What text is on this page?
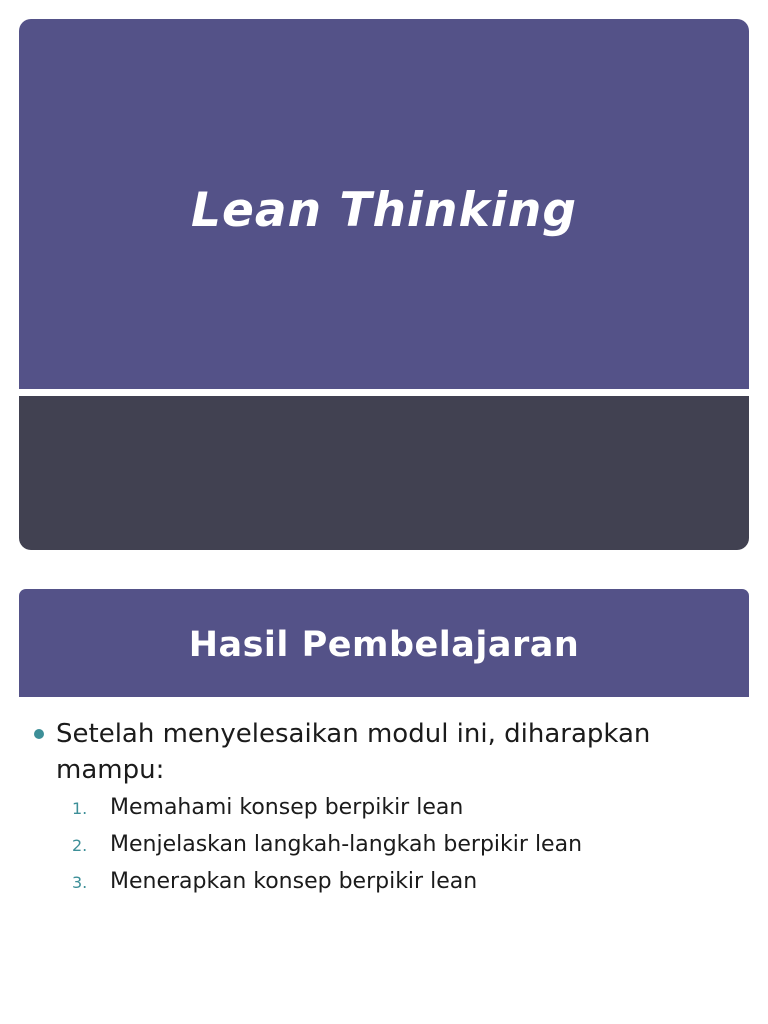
Lean Thinking
Hasil Pembelajaran
Setelah menyelesaikan modul ini, diharapkan mampu:
1. Memahami konsep berpikir lean
2. Menjelaskan langkah-langkah berpikir lean
3. Menerapkan konsep berpikir lean
